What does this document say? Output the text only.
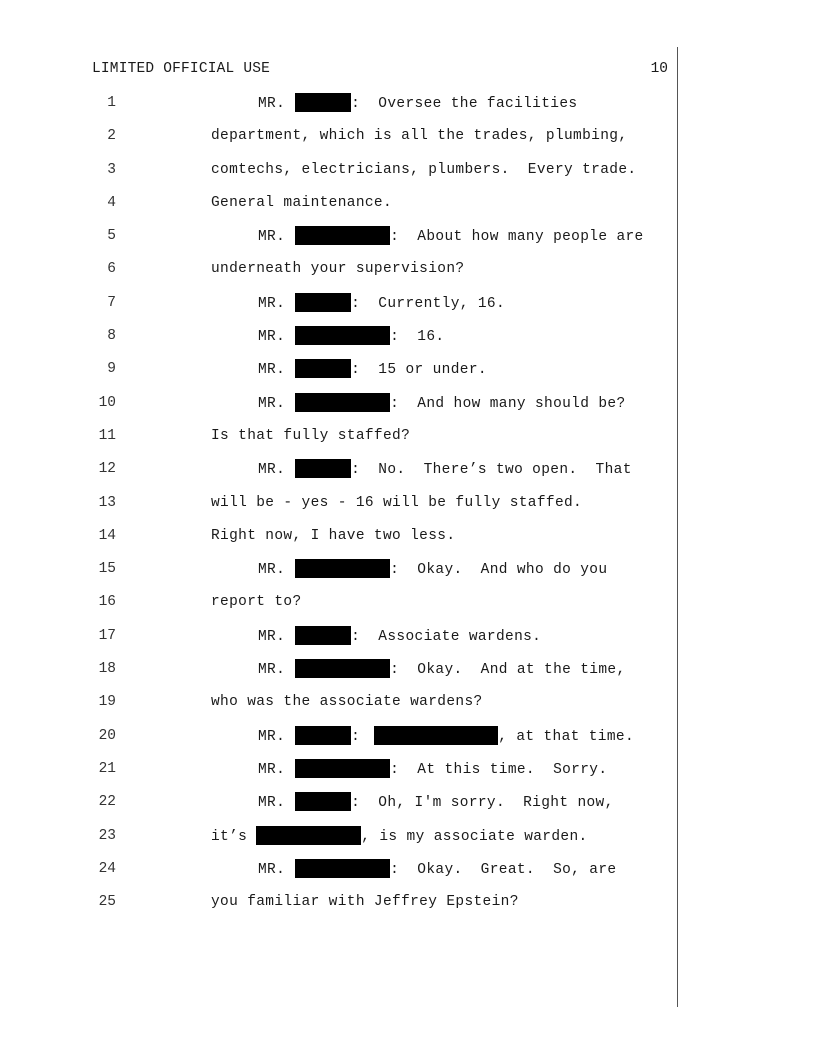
LIMITED OFFICIAL USE	10
1	MR.	:  Oversee the facilities
2	department, which is all the trades, plumbing,
3	comtechs, electricians, plumbers.  Every trade.
4	General maintenance.
5	MR.	:  About how many people are
6	underneath your supervision?
7	MR.	:  Currently, 16.
8	MR.	:  16.
9	MR.	:  15 or under.
10	MR.	:  And how many should be?
11	Is that fully staffed?
12	MR.	:  No.  There’s two open.  That
13	will be - yes - 16 will be fully staffed.
14	Right now, I have two less.
15	MR.	:  Okay.  And who do you
16	report to?
17	MR.	:  Associate wardens.
18	MR.	:  Okay.  And at the time,
19	who was the associate wardens?
20	MR.	:	, at that time.
21	MR.	:  At this time.  Sorry.
22	MR.	:  Oh, I'm sorry.  Right now,
23	it’s	, is my associate warden.
24	MR.	:  Okay.  Great.  So, are
25	you familiar with Jeffrey Epstein?
